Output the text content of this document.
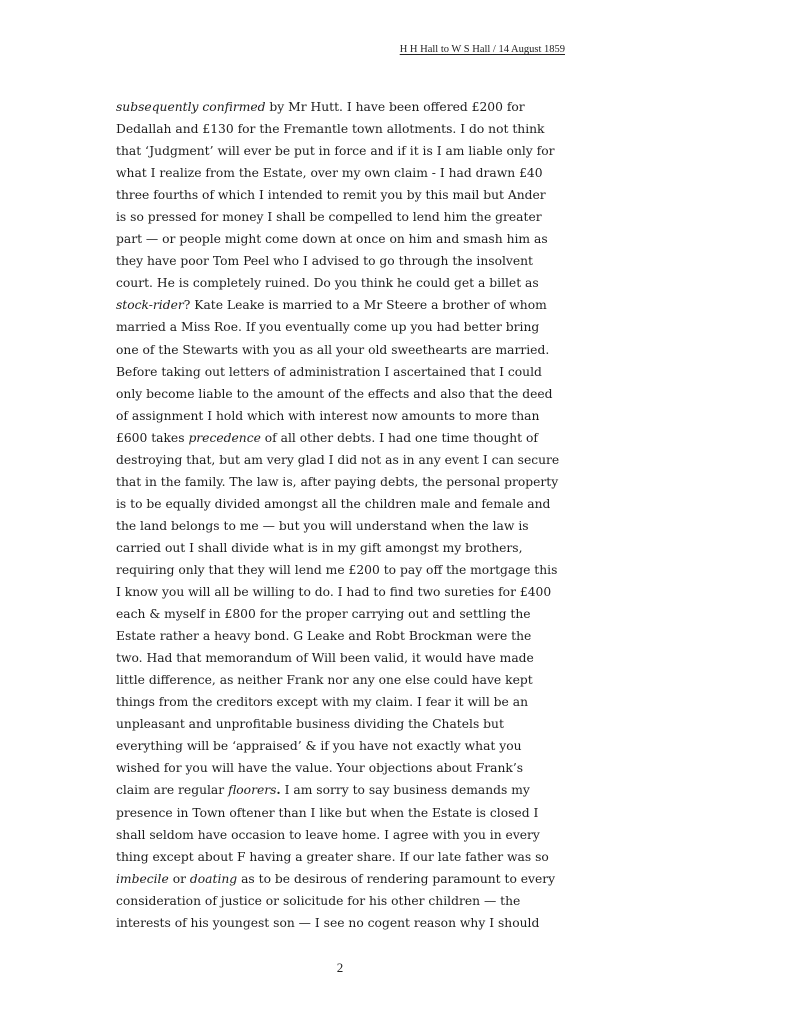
H H Hall to W S Hall / 14 August 1859
subsequently confirmed by Mr Hutt. I have been offered £200 for
Dedallah and £130 for the Fremantle town allotments. I do not think
that ‘Judgment’ will ever be put in force and if it is I am liable only for
what I realize from the Estate, over my own claim - I had drawn £40
three fourths of which I intended to remit you by this mail but Ander
is so pressed for money I shall be compelled to lend him the greater
part — or people might come down at once on him and smash him as
they have poor Tom Peel who I advised to go through the insolvent
court. He is completely ruined. Do you think he could get a billet as
stock-rider? Kate Leake is married to a Mr Steere a brother of whom
married a Miss Roe. If you eventually come up you had better bring
one of the Stewarts with you as all your old sweethearts are married.
Before taking out letters of administration I ascertained that I could
only become liable to the amount of the effects and also that the deed
of assignment I hold which with interest now amounts to more than
£600 takes precedence of all other debts. I had one time thought of
destroying that, but am very glad I did not as in any event I can secure
that in the family. The law is, after paying debts, the personal property
is to be equally divided amongst all the children male and female and
the land belongs to me — but you will understand when the law is
carried out I shall divide what is in my gift amongst my brothers,
requiring only that they will lend me £200 to pay off the mortgage this
I know you will all be willing to do. I had to find two sureties for £400
each & myself in £800 for the proper carrying out and settling the
Estate rather a heavy bond. G Leake and Robt Brockman were the
two. Had that memorandum of Will been valid, it would have made
little difference, as neither Frank nor any one else could have kept
things from the creditors except with my claim. I fear it will be an
unpleasant and unprofitable business dividing the Chatels but
everything will be ‘appraised’ & if you have not exactly what you
wished for you will have the value. Your objections about Frank’s
claim are regular floorers. I am sorry to say business demands my
presence in Town oftener than I like but when the Estate is closed I
shall seldom have occasion to leave home. I agree with you in every
thing except about F having a greater share. If our late father was so
imbecile or doating as to be desirous of rendering paramount to every
consideration of justice or solicitude for his other children — the
interests of his youngest son — I see no cogent reason why I should
2
